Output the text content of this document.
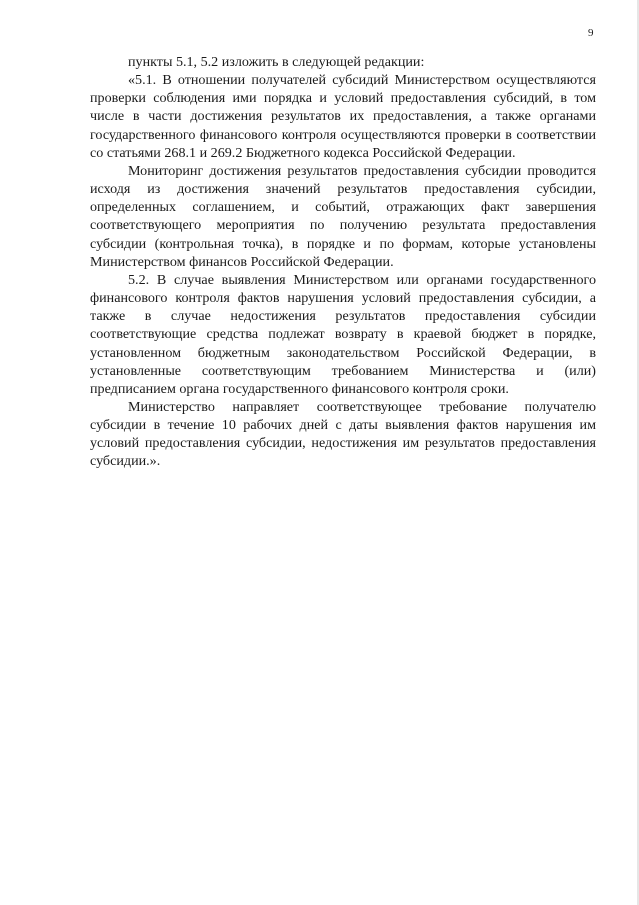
9

пункты 5.1, 5.2 изложить в следующей редакции:

«5.1. В отношении получателей субсидий Министерством осуществляются проверки соблюдения ими порядка и условий предоставления субсидий, в том числе в части достижения результатов их предоставления, а также органами государственного финансового контроля осуществляются проверки в соответствии со статьями 268.1 и 269.2 Бюджетного кодекса Российской Федерации.

Мониторинг достижения результатов предоставления субсидии проводится исходя из достижения значений результатов предоставления субсидии, определенных соглашением, и событий, отражающих факт завершения соответствующего мероприятия по получению результата предоставления субсидии (контрольная точка), в порядке и по формам, которые установлены Министерством финансов Российской Федерации.

5.2. В случае выявления Министерством или органами государственного финансового контроля фактов нарушения условий предоставления субсидии, а также в случае недостижения результатов предоставления субсидии соответствующие средства подлежат возврату в краевой бюджет в порядке, установленном бюджетным законодательством Российской Федерации, в установленные соответствующим требованием Министерства и (или) предписанием органа государственного финансового контроля сроки.

Министерство направляет соответствующее требование получателю субсидии в течение 10 рабочих дней с даты выявления фактов нарушения им условий предоставления субсидии, недостижения им результатов предоставления субсидии.».
